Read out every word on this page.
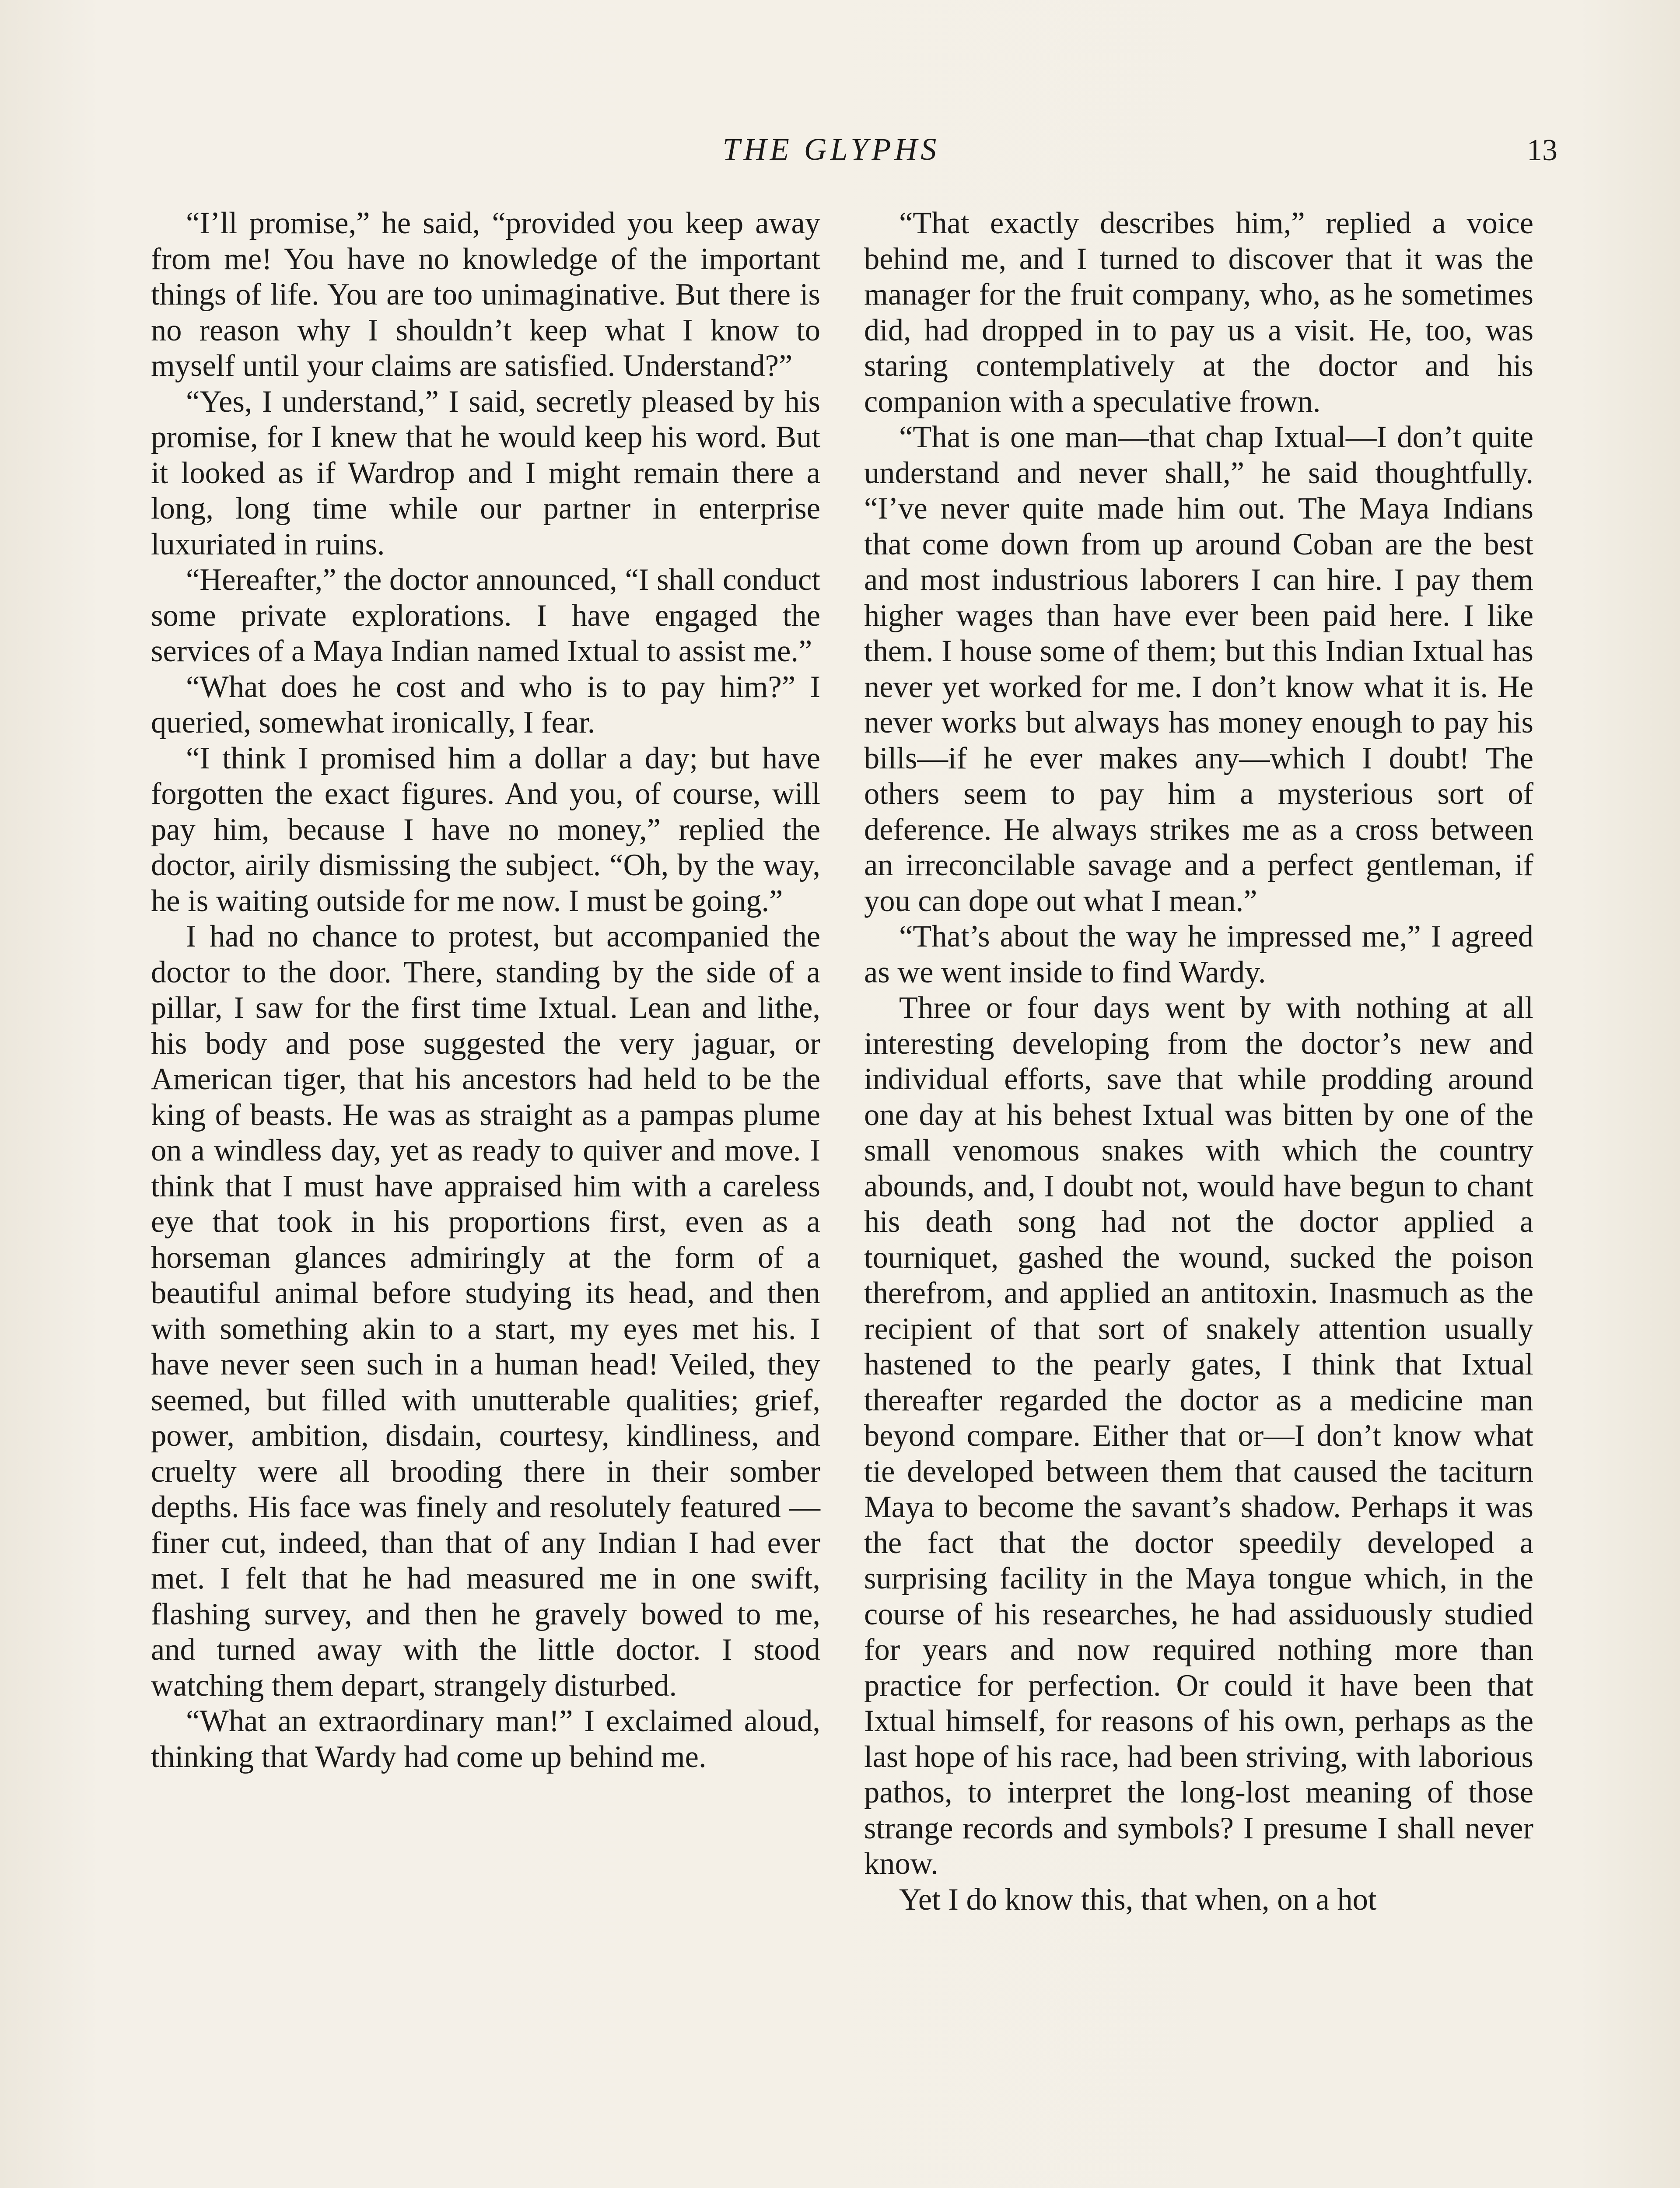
THE GLYPHS	13

“I’ll promise,” he said, “provided you keep away from me! You have no knowledge of the important things of life. You are too unimaginative. But there is no reason why I shouldn’t keep what I know to myself until your claims are satisfied. Understand?”

“Yes, I understand,” I said, secretly pleased by his promise, for I knew that he would keep his word. But it looked as if Wardrop and I might remain there a long, long time while our partner in enterprise luxuriated in ruins.

“Hereafter,” the doctor announced, “I shall conduct some private explorations. I have engaged the services of a Maya Indian named Ixtual to assist me.”

“What does he cost and who is to pay him?” I queried, somewhat ironically, I fear.

“I think I promised him a dollar a day; but have forgotten the exact figures. And you, of course, will pay him, because I have no money,” replied the doctor, airily dismissing the subject. “Oh, by the way, he is waiting outside for me now. I must be going.”

I had no chance to protest, but accompanied the doctor to the door. There, standing by the side of a pillar, I saw for the first time Ixtual. Lean and lithe, his body and pose suggested the very jaguar, or American tiger, that his ancestors had held to be the king of beasts. He was as straight as a pampas plume on a windless day, yet as ready to quiver and move. I think that I must have appraised him with a careless eye that took in his proportions first, even as a horseman glances admiringly at the form of a beautiful animal before studying its head, and then with something akin to a start, my eyes met his. I have never seen such in a human head! Veiled, they seemed, but filled with unutterable qualities; grief, power, ambition, disdain, courtesy, kindliness, and cruelty were all brooding there in their somber depths. His face was finely and resolutely featured —finer cut, indeed, than that of any Indian I had ever met. I felt that he had measured me in one swift, flashing survey, and then he gravely bowed to me, and turned away with the little doctor. I stood watching them depart, strangely disturbed.

“What an extraordinary man!” I exclaimed aloud, thinking that Wardy had come up behind me.

“That exactly describes him,” replied a voice behind me, and I turned to discover that it was the manager for the fruit company, who, as he sometimes did, had dropped in to pay us a visit. He, too, was staring contemplatively at the doctor and his companion with a speculative frown.

“That is one man—that chap Ixtual—I don’t quite understand and never shall,” he said thoughtfully. “I’ve never quite made him out. The Maya Indians that come down from up around Coban are the best and most industrious laborers I can hire. I pay them higher wages than have ever been paid here. I like them. I house some of them; but this Indian Ixtual has never yet worked for me. I don’t know what it is. He never works but always has money enough to pay his bills—if he ever makes any—which I doubt! The others seem to pay him a mysterious sort of deference. He always strikes me as a cross between an irreconcilable savage and a perfect gentleman, if you can dope out what I mean.”

“That’s about the way he impressed me,” I agreed as we went inside to find Wardy.

Three or four days went by with nothing at all interesting developing from the doctor’s new and individual efforts, save that while prodding around one day at his behest Ixtual was bitten by one of the small venomous snakes with which the country abounds, and, I doubt not, would have begun to chant his death song had not the doctor applied a tourniquet, gashed the wound, sucked the poison therefrom, and applied an antitoxin. Inasmuch as the recipient of that sort of snakely attention usually hastened to the pearly gates, I think that Ixtual thereafter regarded the doctor as a medicine man beyond compare. Either that or—I don’t know what tie developed between them that caused the taciturn Maya to become the savant’s shadow. Perhaps it was the fact that the doctor speedily developed a surprising facility in the Maya tongue which, in the course of his researches, he had assiduously studied for years and now required nothing more than practice for perfection. Or could it have been that Ixtual himself, for reasons of his own, perhaps as the last hope of his race, had been striving, with laborious pathos, to interpret the long-lost meaning of those strange records and symbols? I presume I shall never know.

Yet I do know this, that when, on a hot
